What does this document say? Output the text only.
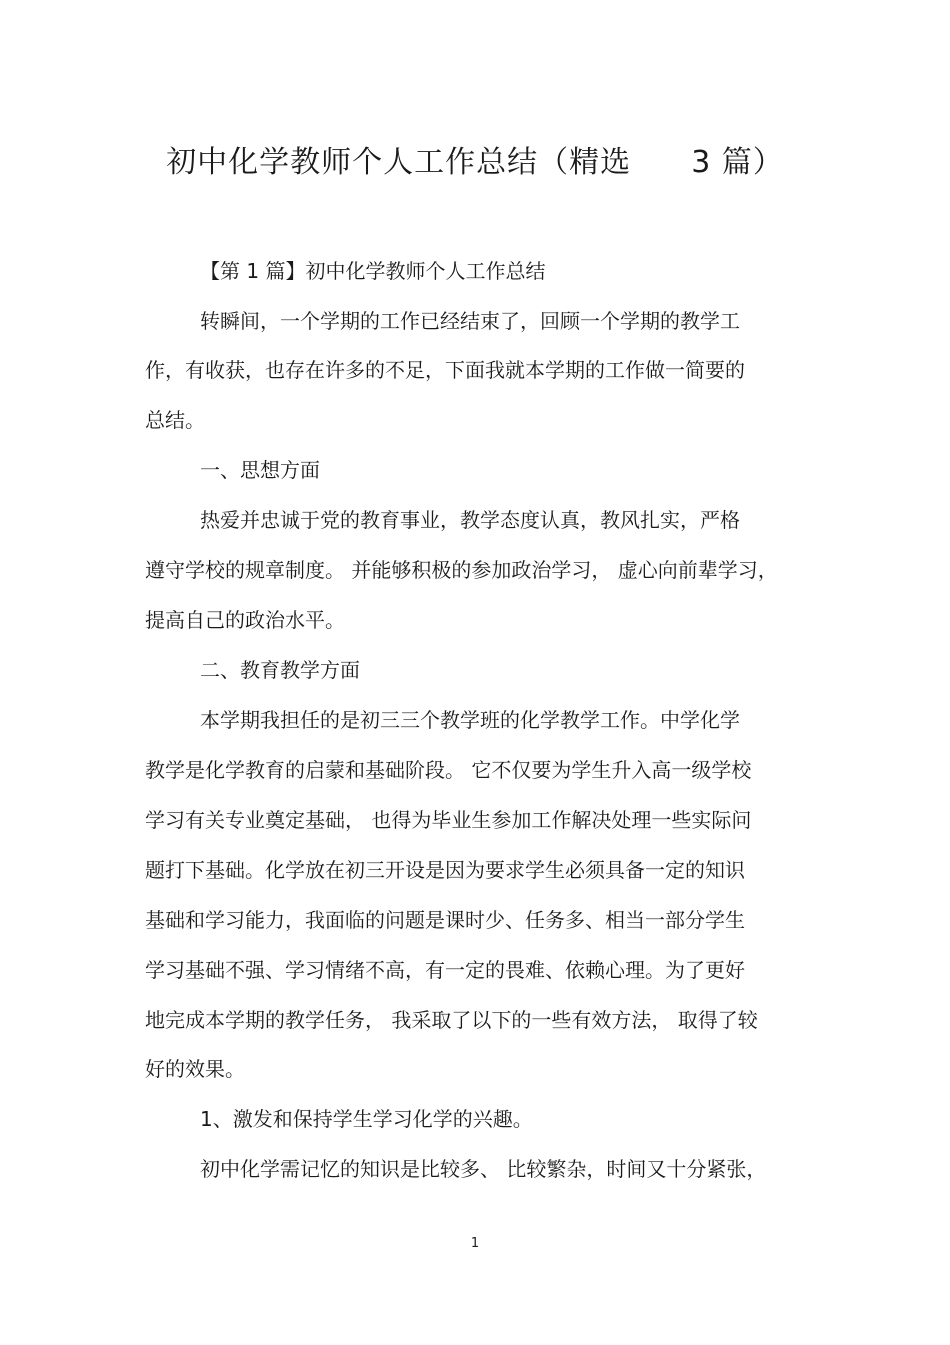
初中化学教师个人工作总结（精选 3 篇）
【第 1 篇】初中化学教师个人工作总结
转瞬间，一个学期的工作已经结束了，回顾一个学期的教学工
作，有收获，也存在许多的不足，下面我就本学期的工作做一简要的
总结。
一、思想方面
热爱并忠诚于党的教育事业，教学态度认真，教风扎实，严格
遵守学校的规章制度。 并能够积极的参加政治学习， 虚心向前辈学习，
提高自己的政治水平。
二、教育教学方面
本学期我担任的是初三三个教学班的化学教学工作。中学化学
教学是化学教育的启蒙和基础阶段。 它不仅要为学生升入高一级学校
学习有关专业奠定基础， 也得为毕业生参加工作解决处理一些实际问
题打下基础。化学放在初三开设是因为要求学生必须具备一定的知识
基础和学习能力，我面临的问题是课时少、任务多、相当一部分学生
学习基础不强、学习情绪不高，有一定的畏难、依赖心理。为了更好
地完成本学期的教学任务， 我采取了以下的一些有效方法， 取得了较
好的效果。
1、激发和保持学生学习化学的兴趣。
初中化学需记忆的知识是比较多、 比较繁杂，时间又十分紧张，
1
